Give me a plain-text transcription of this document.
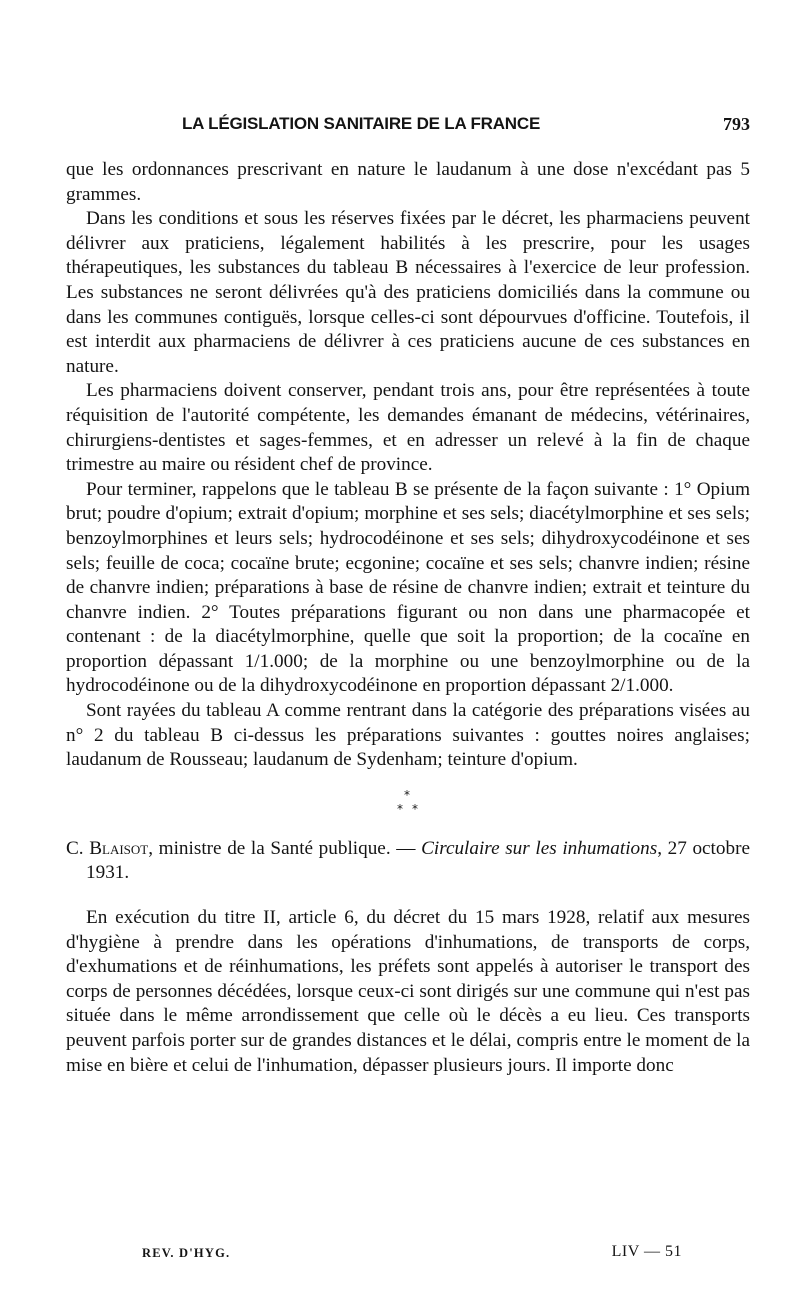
LA LÉGISLATION SANITAIRE DE LA FRANCE	793

que les ordonnances prescrivant en nature le laudanum à une dose n'excédant pas 5 grammes.

Dans les conditions et sous les réserves fixées par le décret, les pharmaciens peuvent délivrer aux praticiens, légalement habilités à les prescrire, pour les usages thérapeutiques, les substances du tableau B nécessaires à l'exercice de leur profession. Les substances ne seront délivrées qu'à des praticiens domiciliés dans la commune ou dans les communes contiguës, lorsque celles-ci sont dépourvues d'officine. Toutefois, il est interdit aux pharmaciens de délivrer à ces praticiens aucune de ces substances en nature.

Les pharmaciens doivent conserver, pendant trois ans, pour être représentées à toute réquisition de l'autorité compétente, les demandes émanant de médecins, vétérinaires, chirurgiens-dentistes et sages-femmes, et en adresser un relevé à la fin de chaque trimestre au maire ou résident chef de province.

Pour terminer, rappelons que le tableau B se présente de la façon suivante : 1° Opium brut; poudre d'opium; extrait d'opium; morphine et ses sels; diacétylmorphine et ses sels; benzoylmorphines et leurs sels; hydrocodéinone et ses sels; dihydroxycodéinone et ses sels; feuille de coca; cocaïne brute; ecgonine; cocaïne et ses sels; chanvre indien; résine de chanvre indien; préparations à base de résine de chanvre indien; extrait et teinture du chanvre indien. 2° Toutes préparations figurant ou non dans une pharmacopée et contenant : de la diacétylmorphine, quelle que soit la proportion; de la cocaïne en proportion dépassant 1/1.000; de la morphine ou une benzoylmorphine ou de la hydrocodéinone ou de la dihydroxycodéinone en proportion dépassant 2/1.000.

Sont rayées du tableau A comme rentrant dans la catégorie des préparations visées au n° 2 du tableau B ci-dessus les préparations suivantes : gouttes noires anglaises; laudanum de Rousseau; laudanum de Sydenham; teinture d'opium.

*
* *

C. Blaisot, ministre de la Santé publique. — Circulaire sur les inhumations, 27 octobre 1931.

En exécution du titre II, article 6, du décret du 15 mars 1928, relatif aux mesures d'hygiène à prendre dans les opérations d'inhumations, de transports de corps, d'exhumations et de réinhumations, les préfets sont appelés à autoriser le transport des corps de personnes décédées, lorsque ceux-ci sont dirigés sur une commune qui n'est pas située dans le même arrondissement que celle où le décès a eu lieu. Ces transports peuvent parfois porter sur de grandes distances et le délai, compris entre le moment de la mise en bière et celui de l'inhumation, dépasser plusieurs jours. Il importe donc

REV. D'HYG.	LIV — 51
